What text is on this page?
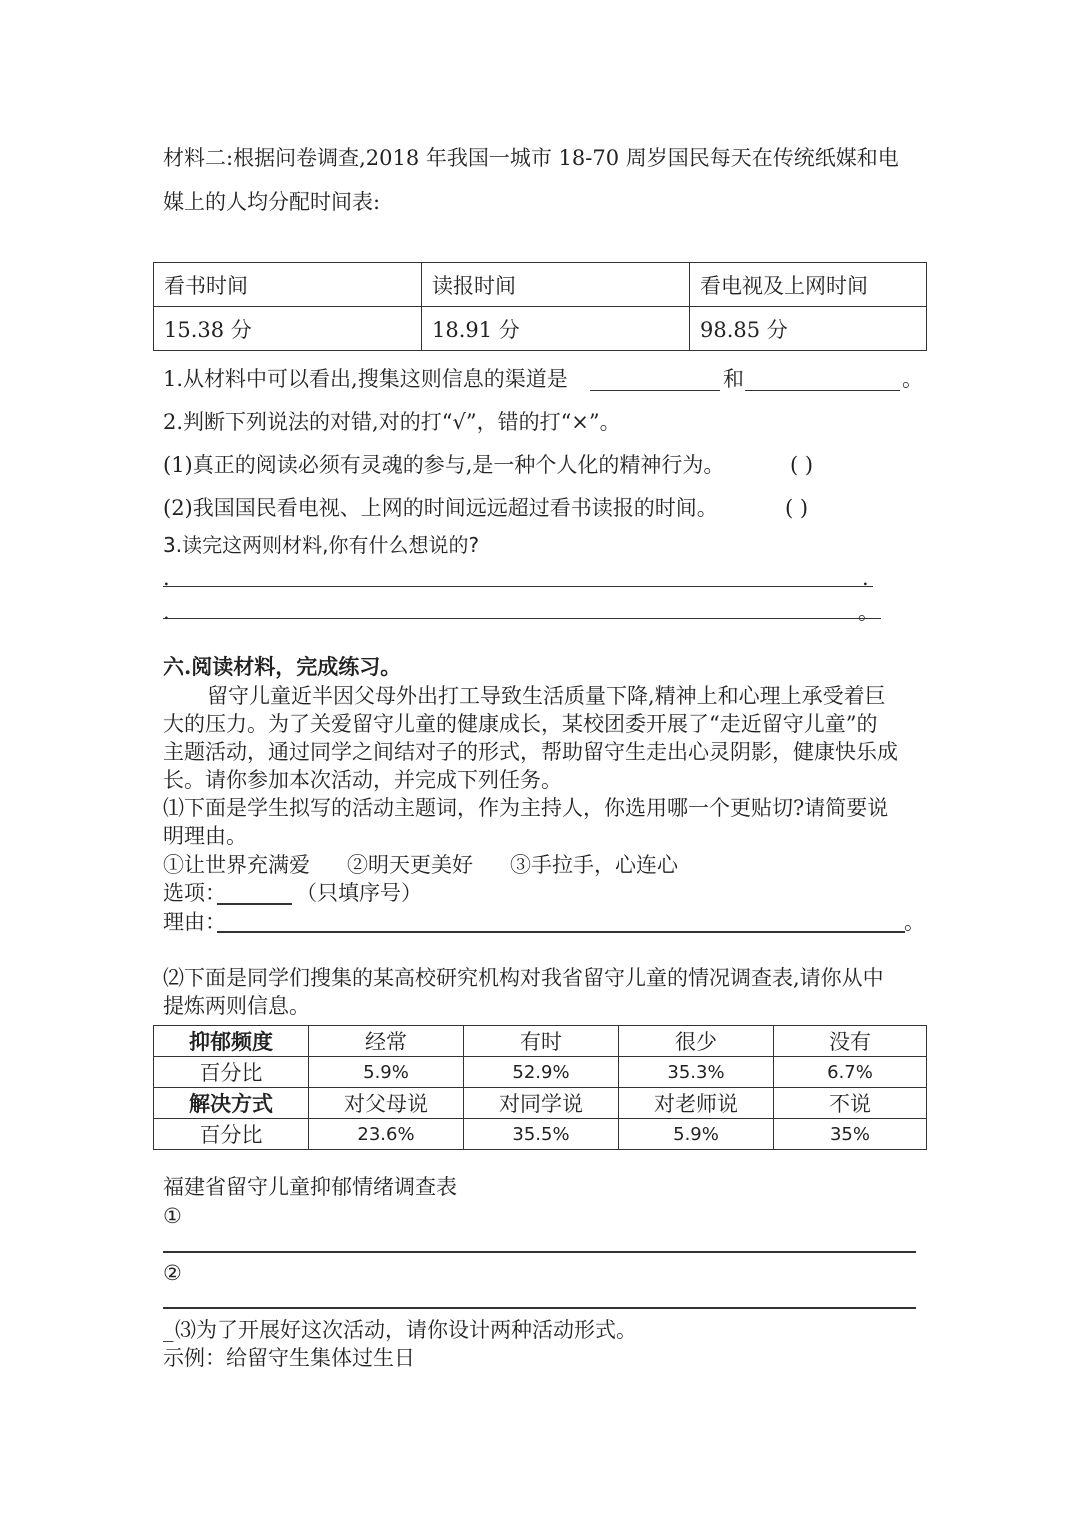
材料二:根据问卷调查,2018 年我国一城市 18-70 周岁国民每天在传统纸媒和电
媒上的人均分配时间表:
看书时间	读报时间	看电视及上网时间
15.38 分	18.91 分	98.85 分
1.从材料中可以看出,搜集这则信息的渠道是	和	。
2.判断下列说法的对错,对的打“√”，错的打“×”。
(1)真正的阅读必须有灵魂的参与,是一种个人化的精神行为。	( )
(2)我国国民看电视、上网的时间远远超过看书读报的时间。	( )
3.读完这两则材料,你有什么想说的?
.	.
.	。
六.阅读材料，完成练习。
留守儿童近半因父母外出打工导致生活质量下降,精神上和心理上承受着巨
大的压力。为了关爱留守儿童的健康成长，某校团委开展了“走近留守儿童”的
主题活动，通过同学之间结对子的形式，帮助留守生走出心灵阴影，健康快乐成
长。请你参加本次活动，并完成下列任务。
⑴下面是学生拟写的活动主题词，作为主持人，你选用哪一个更贴切?请简要说
明理由。
①让世界充满爱 ②明天更美好 ③手拉手，心连心
选项：	（只填序号）
理由：	。
⑵下面是同学们搜集的某高校研究机构对我省留守儿童的情况调查表,请你从中
提炼两则信息。
抑郁频度	经常	有时	很少	没有
百分比	5.9%	52.9%	35.3%	6.7%
解决方式	对父母说	对同学说	对老师说	不说
百分比	23.6%	35.5%	5.9%	35%
福建省留守儿童抑郁情绪调查表
①
②
_ ⑶为了开展好这次活动，请你设计两种活动形式。
示例：给留守生集体过生日
